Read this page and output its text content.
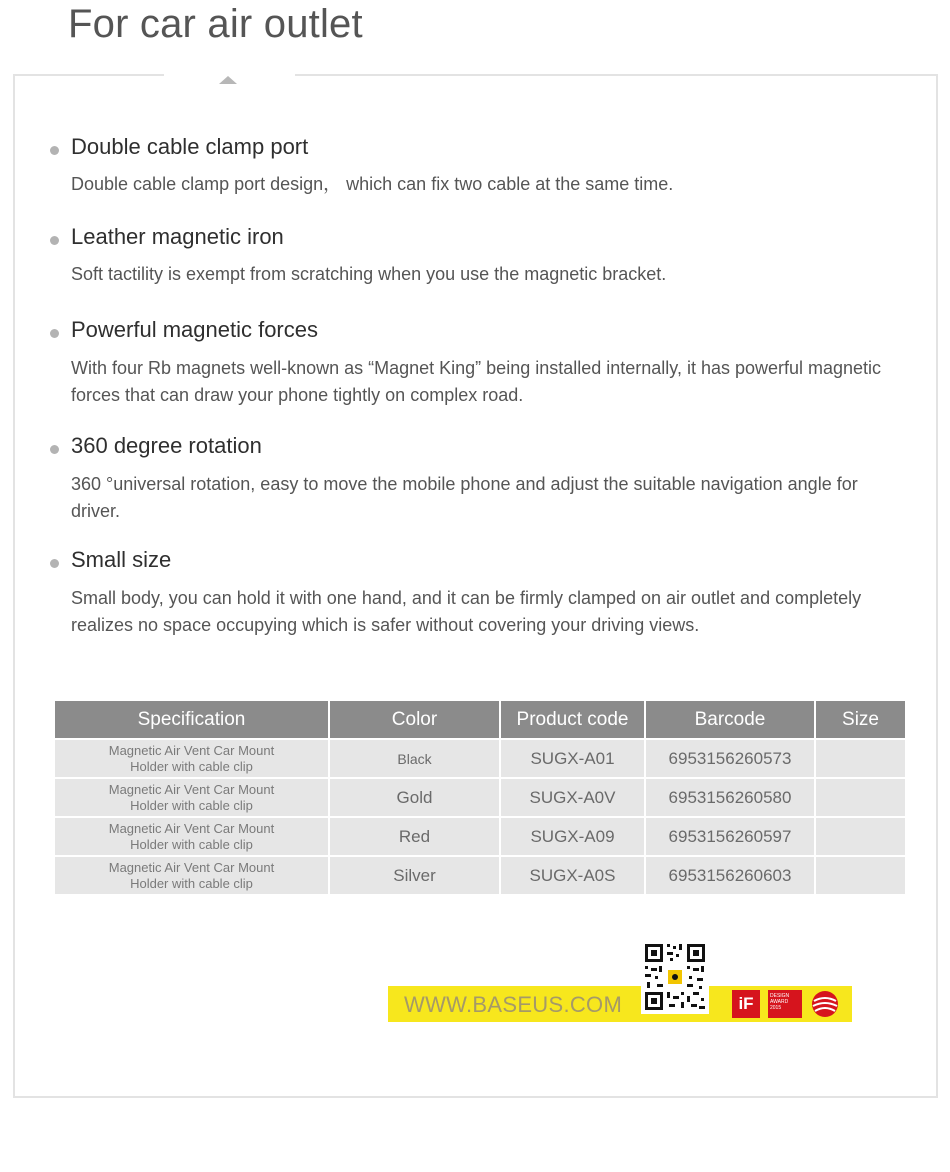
For car air outlet
Double cable clamp port
Double cable clamp port design， which can fix two cable at the same time.
Leather magnetic iron
Soft tactility is exempt from scratching when you use the magnetic bracket.
Powerful magnetic forces
With four Rb magnets well-known as “Magnet King” being installed internally, it has powerful magnetic forces that can draw your phone tightly on complex road.
360 degree rotation
360 °universal rotation, easy to move the mobile phone and adjust the suitable navigation angle for driver.
Small size
Small body, you can hold it with one hand, and it can be firmly clamped on air outlet and completely realizes no space occupying which is safer without covering your driving views.
Specification	Color	Product code	Barcode	Size

Magnetic Air Vent Car Mount
Holder with cable clip	Black	SUGX-A01	6953156260573	

Magnetic Air Vent Car Mount
Holder with cable clip	Gold	SUGX-A0V	6953156260580	

Magnetic Air Vent Car Mount
Holder with cable clip	Red	SUGX-A09	6953156260597	

Magnetic Air Vent Car Mount
Holder with cable clip	Silver	SUGX-A0S	6953156260603	
WWW.BASEUS.COM	iF	DESIGN
AWARD
2015
